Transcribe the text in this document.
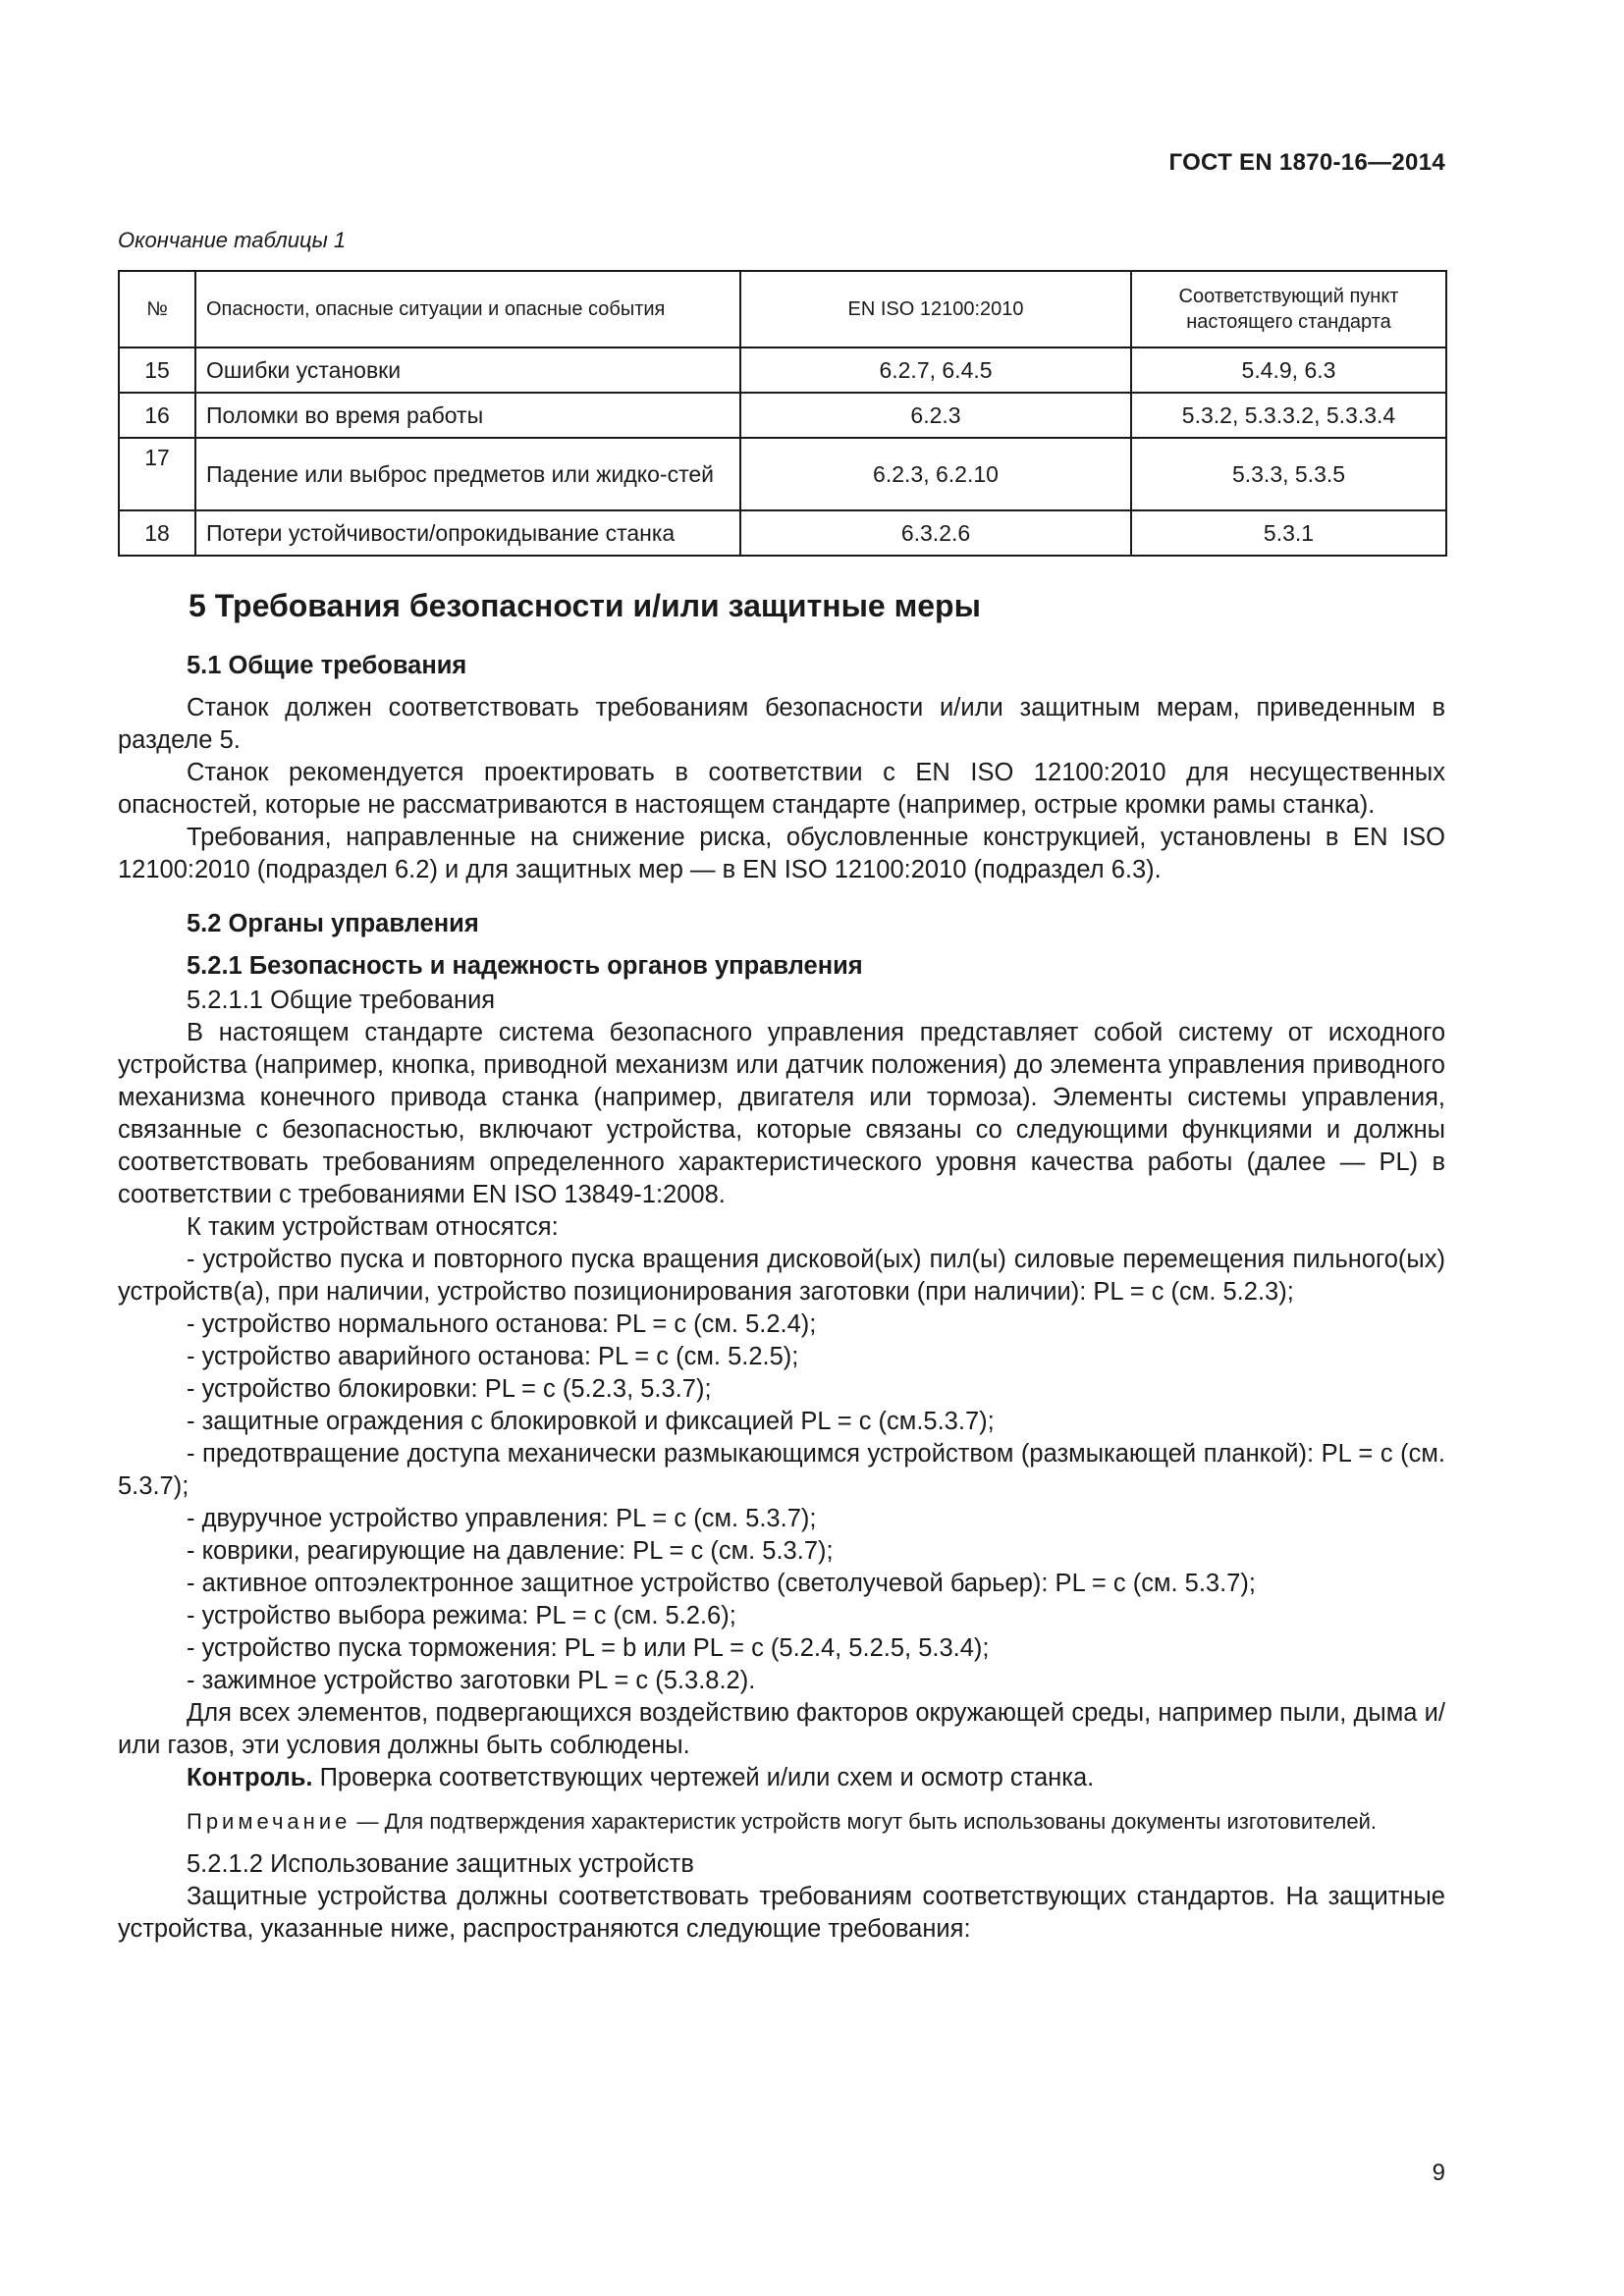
ГОСТ EN 1870-16—2014
Окончание таблицы 1
№	Опасности, опасные ситуации и опасные события	EN ISO 12100:2010	Соответствующий пункт настоящего стандарта
15	Ошибки установки	6.2.7, 6.4.5	5.4.9, 6.3
16	Поломки во время работы	6.2.3	5.3.2, 5.3.3.2, 5.3.3.4
17	Падение или выброс предметов или жидко-стей	6.2.3, 6.2.10	5.3.3, 5.3.5
18	Потери устойчивости/опрокидывание станка	6.3.2.6	5.3.1

5 Требования безопасности и/или защитные меры

5.1 Общие требования

Станок должен соответствовать требованиям безопасности и/или защитным мерам, приведенным в разделе 5.

Станок рекомендуется проектировать в соответствии с EN ISO 12100:2010 для несущественных опасностей, которые не рассматриваются в настоящем стандарте (например, острые кромки рамы станка).

Требования, направленные на снижение риска, обусловленные конструкцией, установлены в EN ISO 12100:2010 (подраздел 6.2) и для защитных мер — в EN ISO 12100:2010 (подраздел 6.3).

5.2 Органы управления

5.2.1 Безопасность и надежность органов управления

5.2.1.1 Общие требования

В настоящем стандарте система безопасного управления представляет собой систему от исходного устройства (например, кнопка, приводной механизм или датчик положения) до элемента управления приводного механизма конечного привода станка (например, двигателя или тормоза). Элементы системы управления, связанные с безопасностью, включают устройства, которые связаны со следующими функциями и должны соответствовать требованиям определенного характеристического уровня качества работы (далее — PL) в соответствии с требованиями EN ISO 13849-1:2008.

К таким устройствам относятся:

- устройство пуска и повторного пуска вращения дисковой(ых) пил(ы) силовые перемещения пильного(ых) устройств(а), при наличии, устройство позиционирования заготовки (при наличии): PL = c (см. 5.2.3);

- устройство нормального останова: PL = c (см. 5.2.4);

- устройство аварийного останова: PL = c (см. 5.2.5);

- устройство блокировки: PL = c (5.2.3, 5.3.7);

- защитные ограждения с блокировкой и фиксацией PL = c (см.5.3.7);

- предотвращение доступа механически размыкающимся устройством (размыкающей планкой): PL = c (см. 5.3.7);

- двуручное устройство управления: PL = c (см. 5.3.7);

- коврики, реагирующие на давление: PL = c (см. 5.3.7);

- активное оптоэлектронное защитное устройство (светолучевой барьер): PL = c (см. 5.3.7);

- устройство выбора режима: PL = c (см. 5.2.6);

- устройство пуска торможения: PL = b или PL = c (5.2.4, 5.2.5, 5.3.4);

- зажимное устройство заготовки PL = c (5.3.8.2).

Для всех элементов, подвергающихся воздействию факторов окружающей среды, например пыли, дыма и/или газов, эти условия должны быть соблюдены.

Контроль. Проверка соответствующих чертежей и/или схем и осмотр станка.

Примечание — Для подтверждения характеристик устройств могут быть использованы документы изготовителей.

5.2.1.2 Использование защитных устройств

Защитные устройства должны соответствовать требованиям соответствующих стандартов. На защитные устройства, указанные ниже, распространяются следующие требования:

9
